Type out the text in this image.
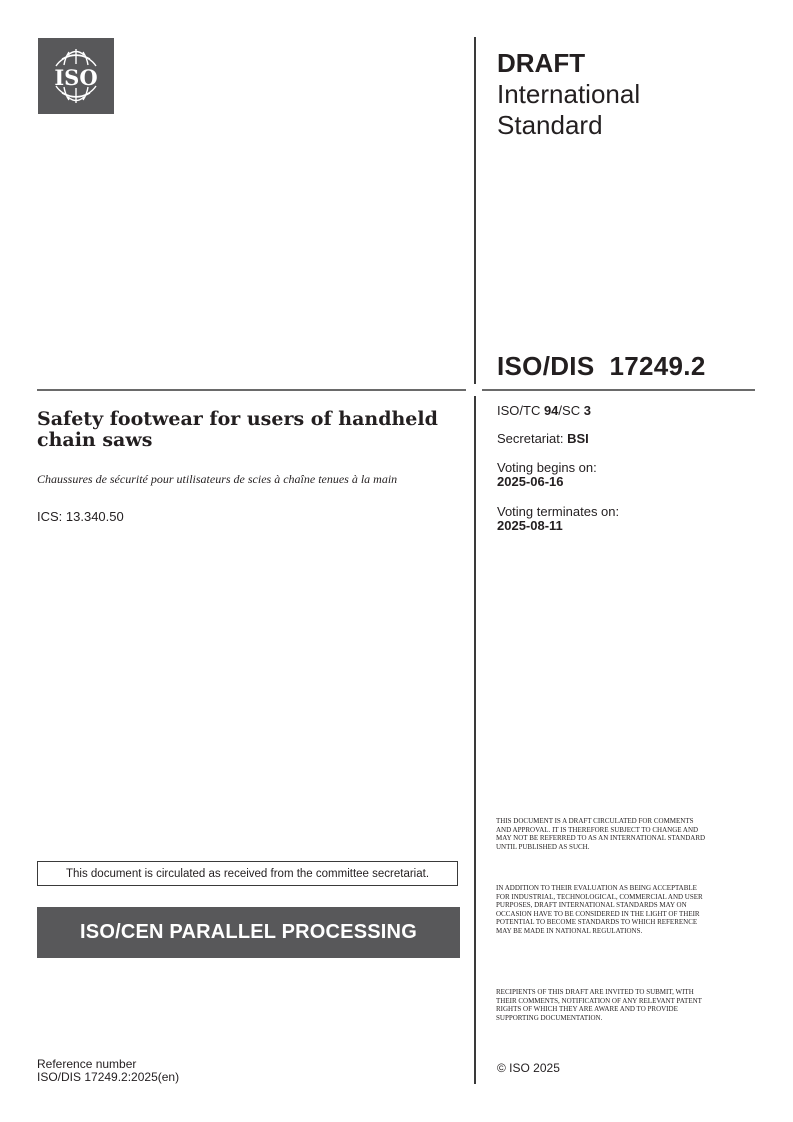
ISO	DRAFT
International
Standard
ISO/DIS  17249.2
ISO/TC 94/SC 3
Secretariat: BSI
Voting begins on:
2025-06-16
Voting terminates on:
2025-08-11
Safety footwear for users of handheld chain saws
Chaussures de sécurité pour utilisateurs de scies à chaîne tenues à la main
ICS: 13.340.50
This document is circulated as received from the committee secretariat.
ISO/CEN PARALLEL PROCESSING
Reference number
ISO/DIS 17249.2:2025(en)
THIS DOCUMENT IS A DRAFT CIRCULATED FOR COMMENTS AND APPROVAL. IT IS THEREFORE SUBJECT TO CHANGE AND MAY NOT BE REFERRED TO AS AN INTERNATIONAL STANDARD UNTIL PUBLISHED AS SUCH.
IN ADDITION TO THEIR EVALUATION AS BEING ACCEPTABLE FOR INDUSTRIAL, TECHNOLOGICAL, COMMERCIAL AND USER PURPOSES, DRAFT INTERNATIONAL STANDARDS MAY ON OCCASION HAVE TO BE CONSIDERED IN THE LIGHT OF THEIR POTENTIAL TO BECOME STANDARDS TO WHICH REFERENCE MAY BE MADE IN NATIONAL REGULATIONS.
RECIPIENTS OF THIS DRAFT ARE INVITED TO SUBMIT, WITH THEIR COMMENTS, NOTIFICATION OF ANY RELEVANT PATENT RIGHTS OF WHICH THEY ARE AWARE AND TO PROVIDE SUPPORTING DOCUMENTATION.
© ISO 2025
